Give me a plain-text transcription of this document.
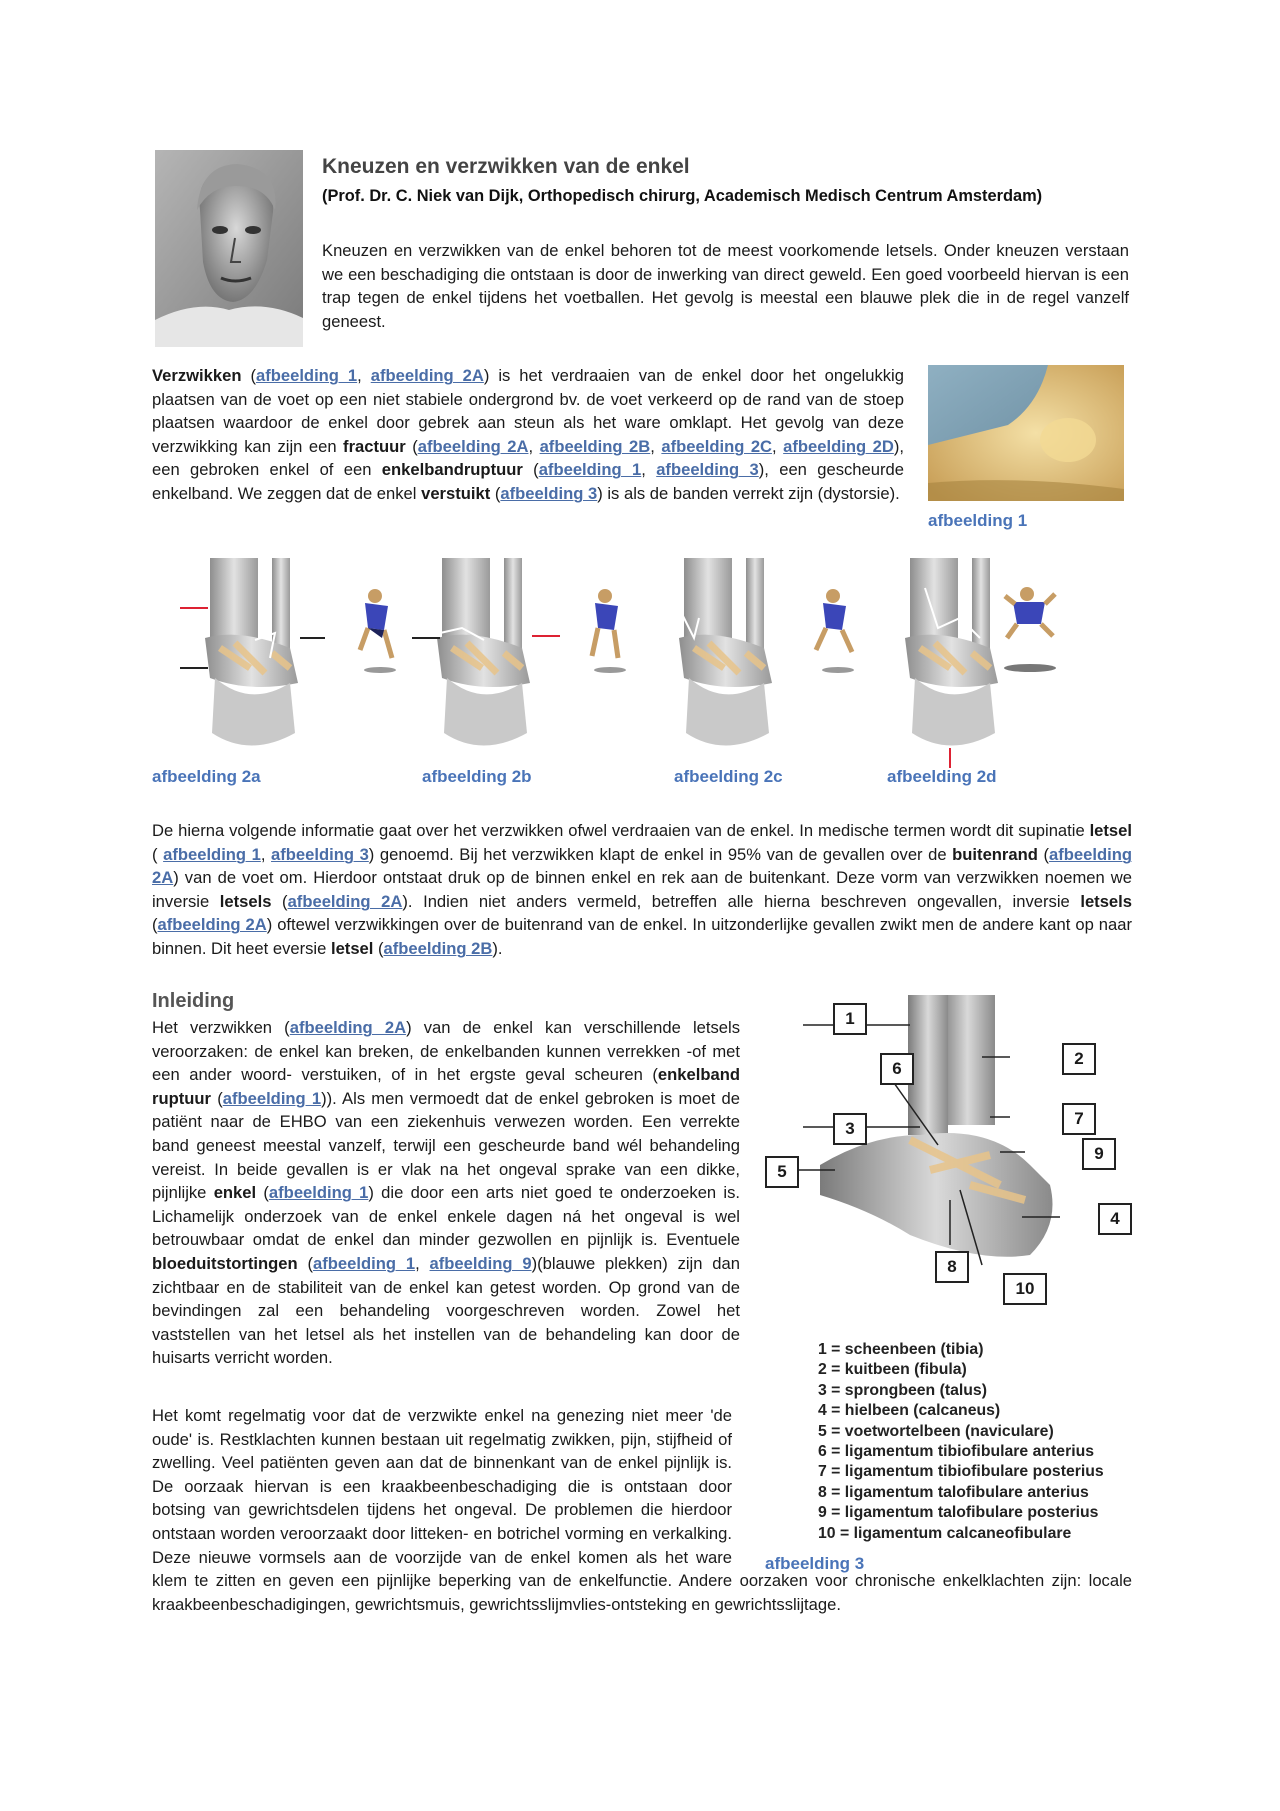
Kneuzen en verzwikken van de enkel
(Prof. Dr. C. Niek van Dijk, Orthopedisch chirurg, Academisch Medisch Centrum Amsterdam)

Kneuzen en verzwikken van de enkel behoren tot de meest voorkomende letsels. Onder kneuzen verstaan we een beschadiging die ontstaan is door de inwerking van direct geweld. Een goed voorbeeld hiervan is een trap tegen de enkel tijdens het voetballen. Het gevolg is meestal een blauwe plek die in de regel vanzelf geneest.

Verzwikken (afbeelding 1, afbeelding 2A) is het verdraaien van de enkel door het ongelukkig plaatsen van de voet op een niet stabiele ondergrond bv. de voet verkeerd op de rand van de stoep plaatsen waardoor de enkel door gebrek aan steun als het ware omklapt. Het gevolg van deze verzwikking kan zijn een fractuur (afbeelding 2A, afbeelding 2B, afbeelding 2C, afbeelding 2D), een gebroken enkel of een enkelbandruptuur (afbeelding 1, afbeelding 3), een gescheurde enkelband. We zeggen dat de enkel verstuikt (afbeelding 3) is als de banden verrekt zijn (dystorsie).

afbeelding 1
afbeelding 2a	afbeelding 2b	afbeelding 2c	afbeelding 2d

De hierna volgende informatie gaat over het verzwikken ofwel verdraaien van de enkel. In medische termen wordt dit supinatie letsel ( afbeelding 1, afbeelding 3) genoemd. Bij het verzwikken klapt de enkel in 95% van de gevallen over de buitenrand (afbeelding 2A) van de voet om. Hierdoor ontstaat druk op de binnen enkel en rek aan de buitenkant. Deze vorm van verzwikken noemen we inversie letsels (afbeelding 2A). Indien niet anders vermeld, betreffen alle hierna beschreven ongevallen, inversie letsels (afbeelding 2A) oftewel verzwikkingen over de buitenrand van de enkel. In uitzonderlijke gevallen zwikt men de andere kant op naar binnen. Dit heet eversie letsel (afbeelding 2B).

Inleiding

Het verzwikken (afbeelding 2A) van de enkel kan verschillende letsels veroorzaken: de enkel kan breken, de enkelbanden kunnen verrekken -of met een ander woord- verstuiken, of in het ergste geval scheuren (enkelband ruptuur (afbeelding 1)). Als men vermoedt dat de enkel gebroken is moet de patiënt naar de EHBO van een ziekenhuis verwezen worden. Een verrekte band geneest meestal vanzelf, terwijl een gescheurde band wél behandeling vereist. In beide gevallen is er vlak na het ongeval sprake van een dikke, pijnlijke enkel (afbeelding 1) die door een arts niet goed te onderzoeken is. Lichamelijk onderzoek van de enkel enkele dagen ná het ongeval is wel betrouwbaar omdat de enkel dan minder gezwollen en pijnlijk is. Eventuele bloeduitstortingen (afbeelding 1, afbeelding 9)(blauwe plekken) zijn dan zichtbaar en de stabiliteit van de enkel kan getest worden. Op grond van de bevindingen zal een behandeling voorgeschreven worden. Zowel het vaststellen van het letsel als het instellen van de behandeling kan door de huisarts verricht worden.

1
2
3
4
5
6
7
8
9
10
1 = scheenbeen (tibia)
2 = kuitbeen (fibula)
3 = sprongbeen (talus)
4 = hielbeen (calcaneus)
5 = voetwortelbeen (naviculare)
6 = ligamentum tibiofibulare anterius
7 = ligamentum tibiofibulare posterius
8 = ligamentum talofibulare anterius
9 = ligamentum talofibulare posterius
10 = ligamentum calcaneofibulare
afbeelding 3

Het komt regelmatig voor dat de verzwikte enkel na genezing niet meer 'de oude' is. Restklachten kunnen bestaan uit regelmatig zwikken, pijn, stijfheid of zwelling. Veel patiënten geven aan dat de binnenkant van de enkel pijnlijk is. De oorzaak hiervan is een kraakbeenbeschadiging die is ontstaan door botsing van gewrichtsdelen tijdens het ongeval. De problemen die hierdoor ontstaan worden veroorzaakt door litteken- en botrichel vorming en verkalking. Deze nieuwe vormsels aan de voorzijde van de enkel komen als het ware klem te zitten en geven een pijnlijke beperking van de enkelfunctie. Andere oorzaken voor chronische enkelklachten zijn: locale kraakbeenbeschadigingen, gewrichtsmuis, gewrichtsslijmvlies-ontsteking en gewrichtsslijtage.
